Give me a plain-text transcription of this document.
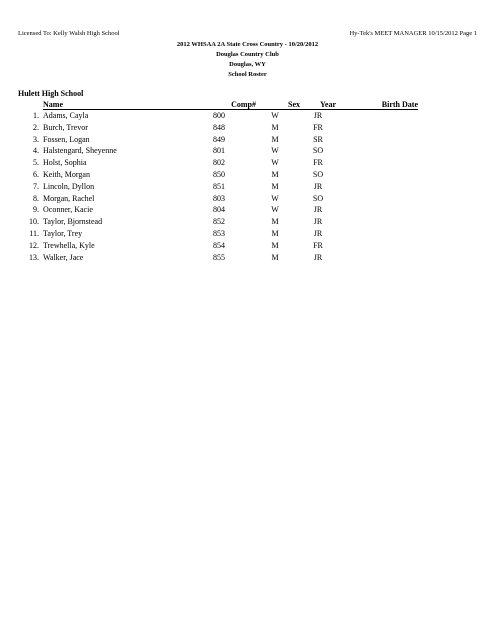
Licensed To: Kelly Walsh High School	Hy-Tek's MEET MANAGER 10/15/2012 Page 1
2012 WHSAA 2A State Cross Country - 10/20/2012
Douglas Country Club
Douglas, WY
School Roster
Hulett High School
Name	Comp#	Sex	Year	Birth Date
1. Adams, Cayla	800	W	JR
2. Burch, Trevor	848	M	FR
3. Fossen, Logan	849	M	SR
4. Halstengard, Sheyenne	801	W	SO
5. Holst, Sophia	802	W	FR
6. Keith, Morgan	850	M	SO
7. Lincoln, Dyllon	851	M	JR
8. Morgan, Rachel	803	W	SO
9. Oconner, Kacie	804	W	JR
10. Taylor, Bjornstead	852	M	JR
11. Taylor, Trey	853	M	JR
12. Trewhella, Kyle	854	M	FR
13. Walker, Jace	855	M	JR
